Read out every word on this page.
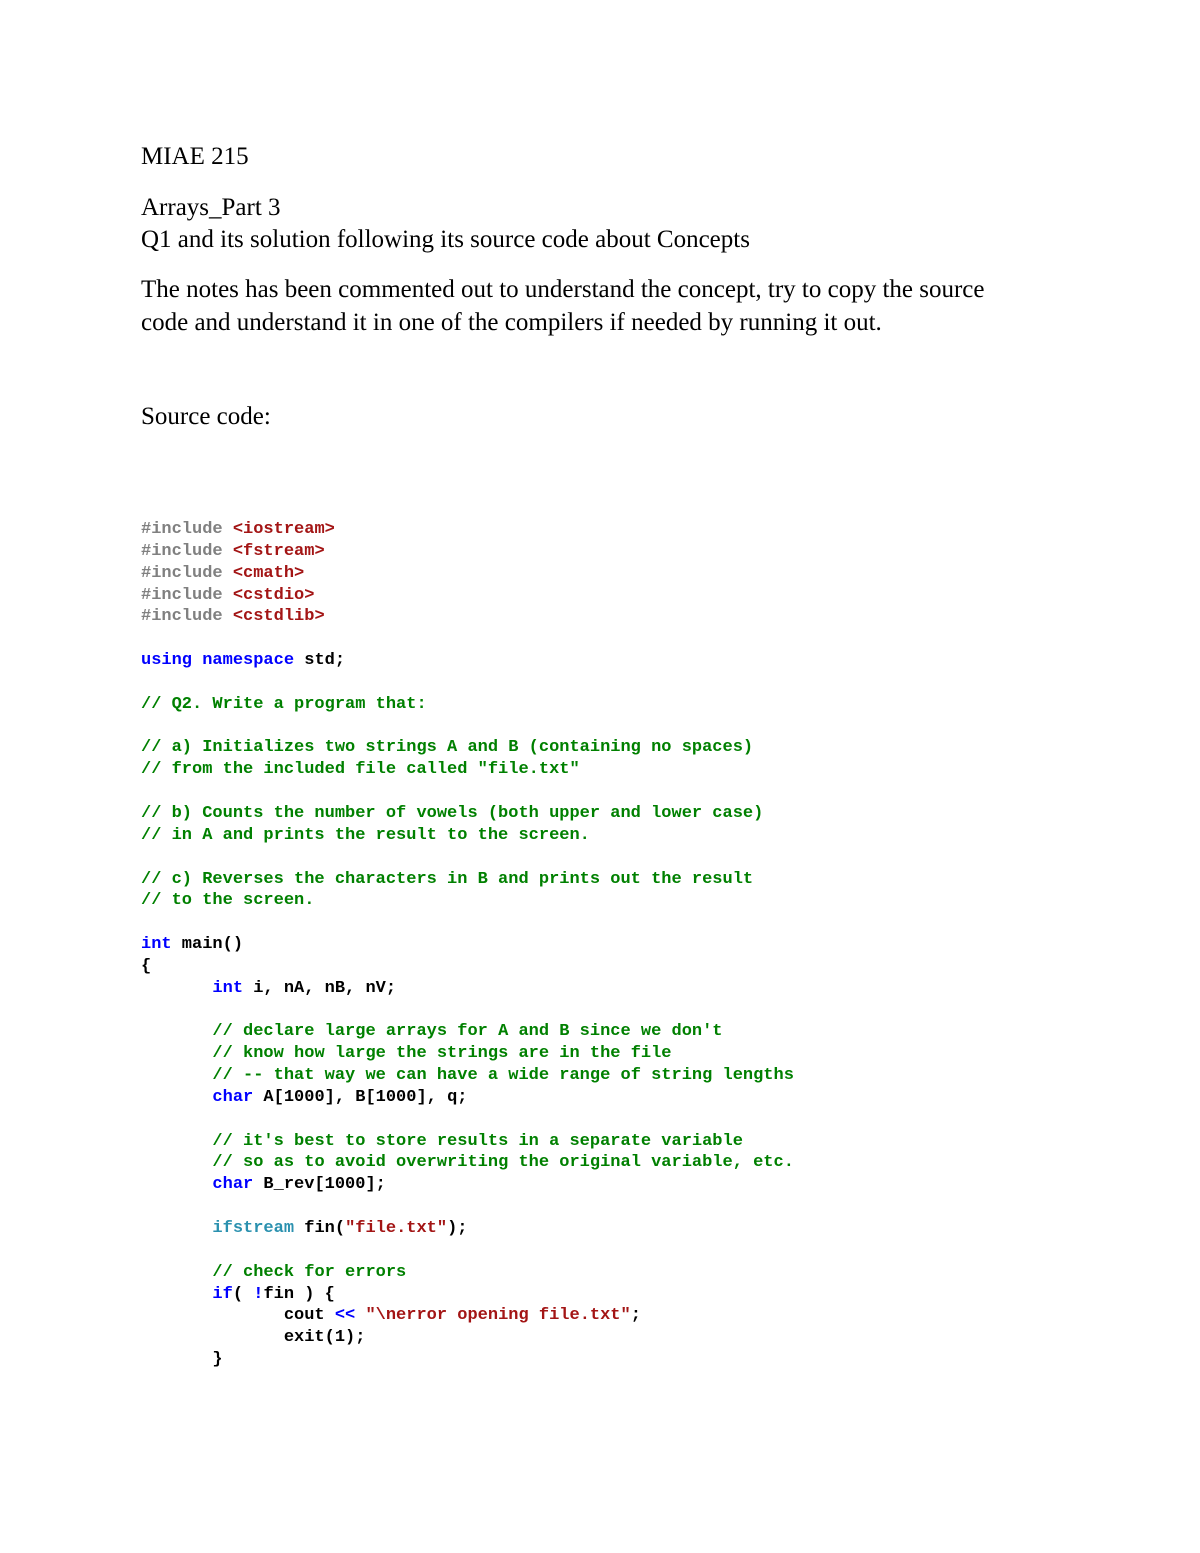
MIAE 215

Arrays_Part 3
Q1 and its solution following its source code about Concepts
The notes has been commented out to understand the concept, try to copy the source
code and understand it in one of the compilers if needed by running it out.

Source code:

#include <iostream>
#include <fstream>
#include <cmath>
#include <cstdio>
#include <cstdlib>

using namespace std;

// Q2. Write a program that:

// a) Initializes two strings A and B (containing no spaces)
// from the included file called "file.txt"

// b) Counts the number of vowels (both upper and lower case)
// in A and prints the result to the screen.

// c) Reverses the characters in B and prints out the result
// to the screen.

int main()
{
int i, nA, nB, nV;

// declare large arrays for A and B since we don't
// know how large the strings are in the file
// -- that way we can have a wide range of string lengths
char A[1000], B[1000], q;

// it's best to store results in a separate variable
// so as to avoid overwriting the original variable, etc.
char B_rev[1000];

ifstream fin("file.txt");

// check for errors
if( !fin ) {
cout << "\nerror opening file.txt";
exit(1);
}
